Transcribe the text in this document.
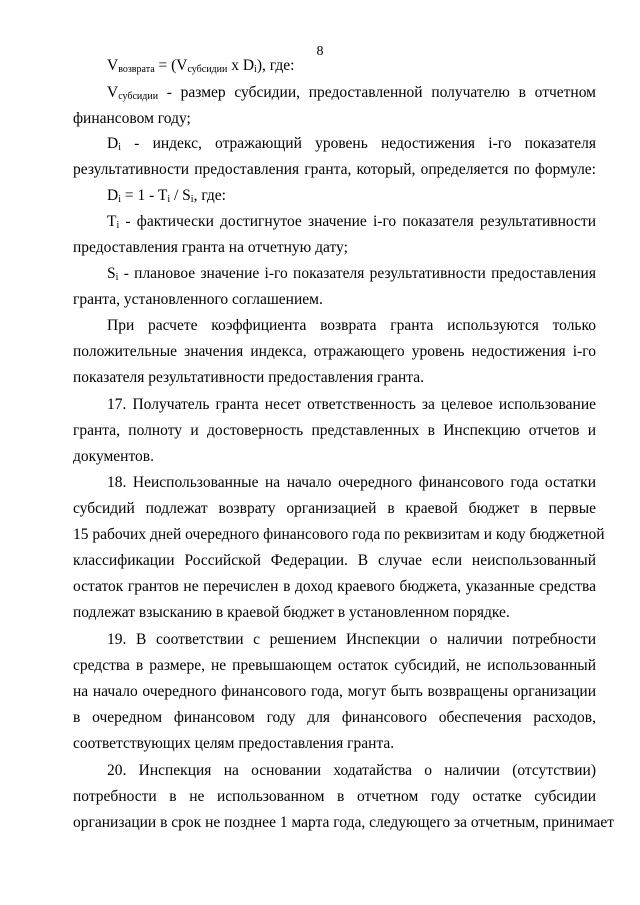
8
$V_{возврата} = (V_{субсидии}$ x $D_i$), где:
$V_{субсидии}$ - размер субсидии, предоставленной получателю в отчетном
финансовом году;
$D_i$ - индекс, отражающий уровень недостижения i-го показателя
результативности предоставления гранта, который, определяется по формуле:
$D_i = 1 - T_i / S_i$, где:
$T_i$ - фактически достигнутое значение i-го показателя результативности
предоставления гранта на отчетную дату;
$S_i$ - плановое значение i-го показателя результативности предоставления
гранта, установленного соглашением.
При расчете коэффициента возврата гранта используются только
положительные значения индекса, отражающего уровень недостижения i-го
показателя результативности предоставления гранта.
17. Получатель гранта несет ответственность за целевое использование
гранта, полноту и достоверность представленных в Инспекцию отчетов и
документов.
18. Неиспользованные на начало очередного финансового года остатки
субсидий подлежат возврату организацией в краевой бюджет в первые
15 рабочих дней очередного финансового года по реквизитам и коду бюджетной
классификации Российской Федерации. В случае если неиспользованный
остаток грантов не перечислен в доход краевого бюджета, указанные средства
подлежат взысканию в краевой бюджет в установленном порядке.
19. В соответствии с решением Инспекции о наличии потребности
средства в размере, не превышающем остаток субсидий, не использованный
на начало очередного финансового года, могут быть возвращены организации
в очередном финансовом году для финансового обеспечения расходов,
соответствующих целям предоставления гранта.
20. Инспекция на основании ходатайства о наличии (отсутствии)
потребности в не использованном в отчетном году остатке субсидии
организации в срок не позднее 1 марта года, следующего за отчетным, принимает
